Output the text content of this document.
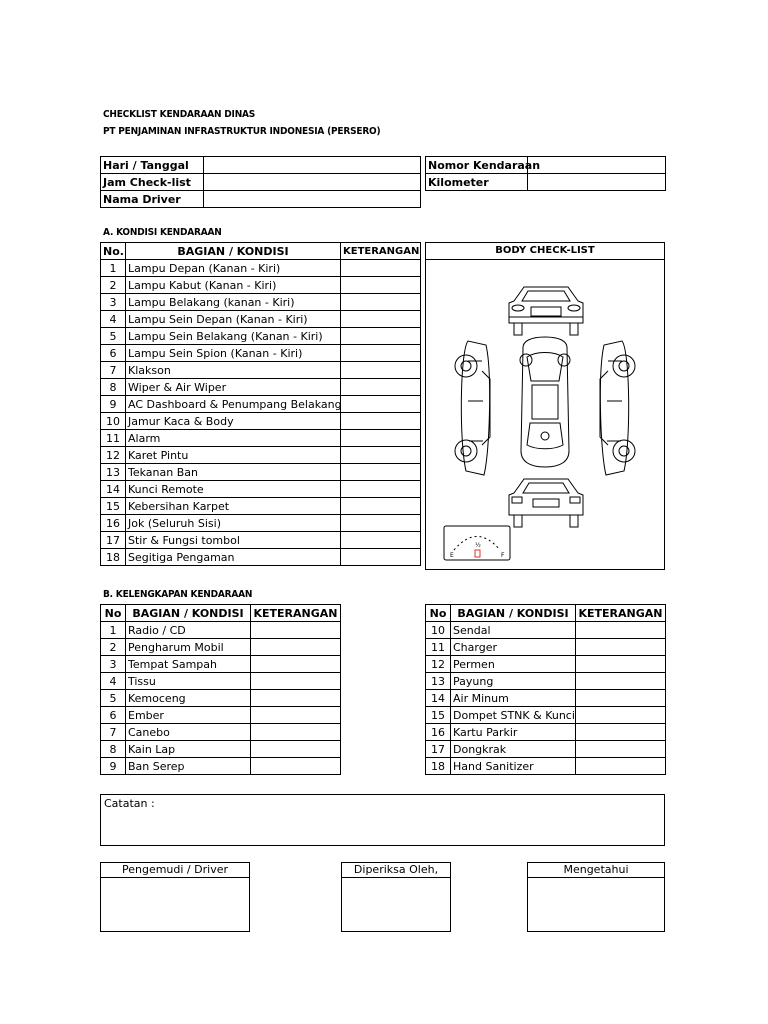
CHECKLIST KENDARAAN DINAS
PT PENJAMINAN INFRASTRUKTUR INDONESIA (PERSERO)
Hari / Tanggal	
Jam Check-list	
Nama Driver	
Nomor Kendaraan	
Kilometer	
A. KONDISI KENDARAAN
No.	BAGIAN / KONDISI	KETERANGAN
1	Lampu Depan (Kanan - Kiri)	
2	Lampu Kabut (Kanan - Kiri)	
3	Lampu Belakang (kanan - Kiri)	
4	Lampu Sein Depan (Kanan - Kiri)	
5	Lampu Sein Belakang (Kanan - Kiri)	
6	Lampu Sein Spion (Kanan - Kiri)	
7	Klakson	
8	Wiper & Air Wiper	
9	AC Dashboard & Penumpang Belakang	
10	Jamur Kaca & Body	
11	Alarm	
12	Karet Pintu	
13	Tekanan Ban	
14	Kunci Remote	
15	Kebersihan Karpet	
16	Jok (Seluruh Sisi)	
17	Stir & Fungsi tombol	
18	Segitiga Pengaman	
BODY CHECK-LIST
E	F
½
B. KELENGKAPAN KENDARAAN
No	BAGIAN / KONDISI	KETERANGAN
1	Radio / CD	
2	Pengharum Mobil	
3	Tempat Sampah	
4	Tissu	
5	Kemoceng	
6	Ember	
7	Canebo	
8	Kain Lap	
9	Ban Serep	
No	BAGIAN / KONDISI	KETERANGAN
10	Sendal	
11	Charger	
12	Permen	
13	Payung	
14	Air Minum	
15	Dompet STNK & Kunci	
16	Kartu Parkir	
17	Dongkrak	
18	Hand Sanitizer	
Catatan :
Pengemudi / Driver	Diperiksa Oleh,	Mengetahui
